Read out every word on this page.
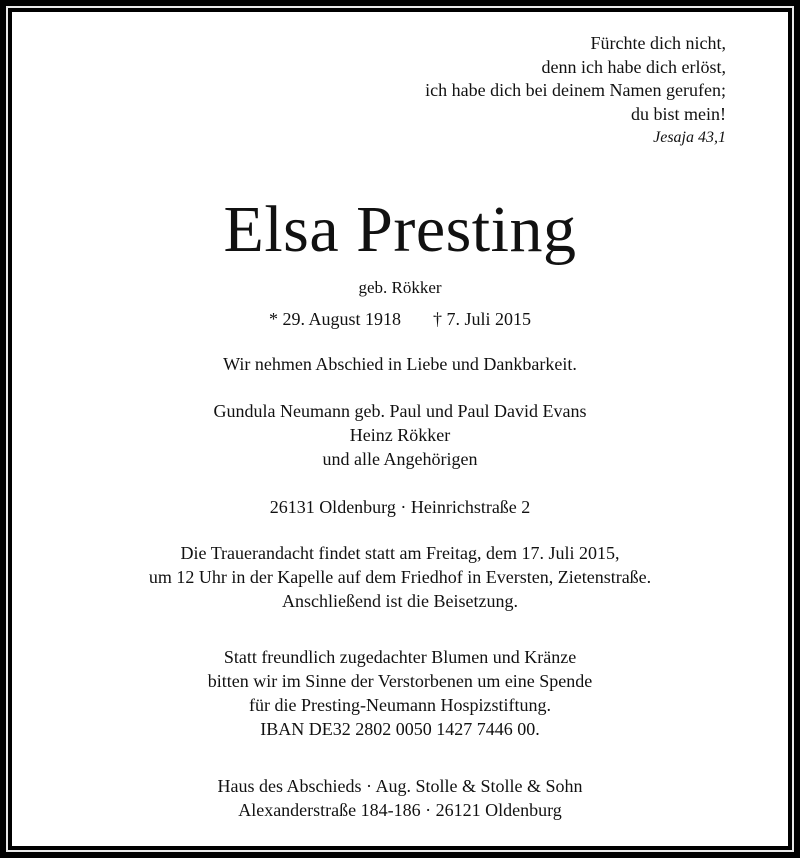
Fürchte dich nicht,
denn ich habe dich erlöst,
ich habe dich bei deinem Namen gerufen;
du bist mein!
Jesaja 43,1
Elsa Presting
geb. Rökker
* 29. August 1918 † 7. Juli 2015
Wir nehmen Abschied in Liebe und Dankbarkeit.
Gundula Neumann geb. Paul und Paul David Evans
Heinz Rökker
und alle Angehörigen
26131 Oldenburg · Heinrichstraße 2
Die Trauerandacht findet statt am Freitag, dem 17. Juli 2015,
um 12 Uhr in der Kapelle auf dem Friedhof in Eversten, Zietenstraße.
Anschließend ist die Beisetzung.
Statt freundlich zugedachter Blumen und Kränze
bitten wir im Sinne der Verstorbenen um eine Spende
für die Presting-Neumann Hospizstiftung.
IBAN DE32 2802 0050 1427 7446 00.
Haus des Abschieds · Aug. Stolle & Stolle & Sohn
Alexanderstraße 184-186 · 26121 Oldenburg
